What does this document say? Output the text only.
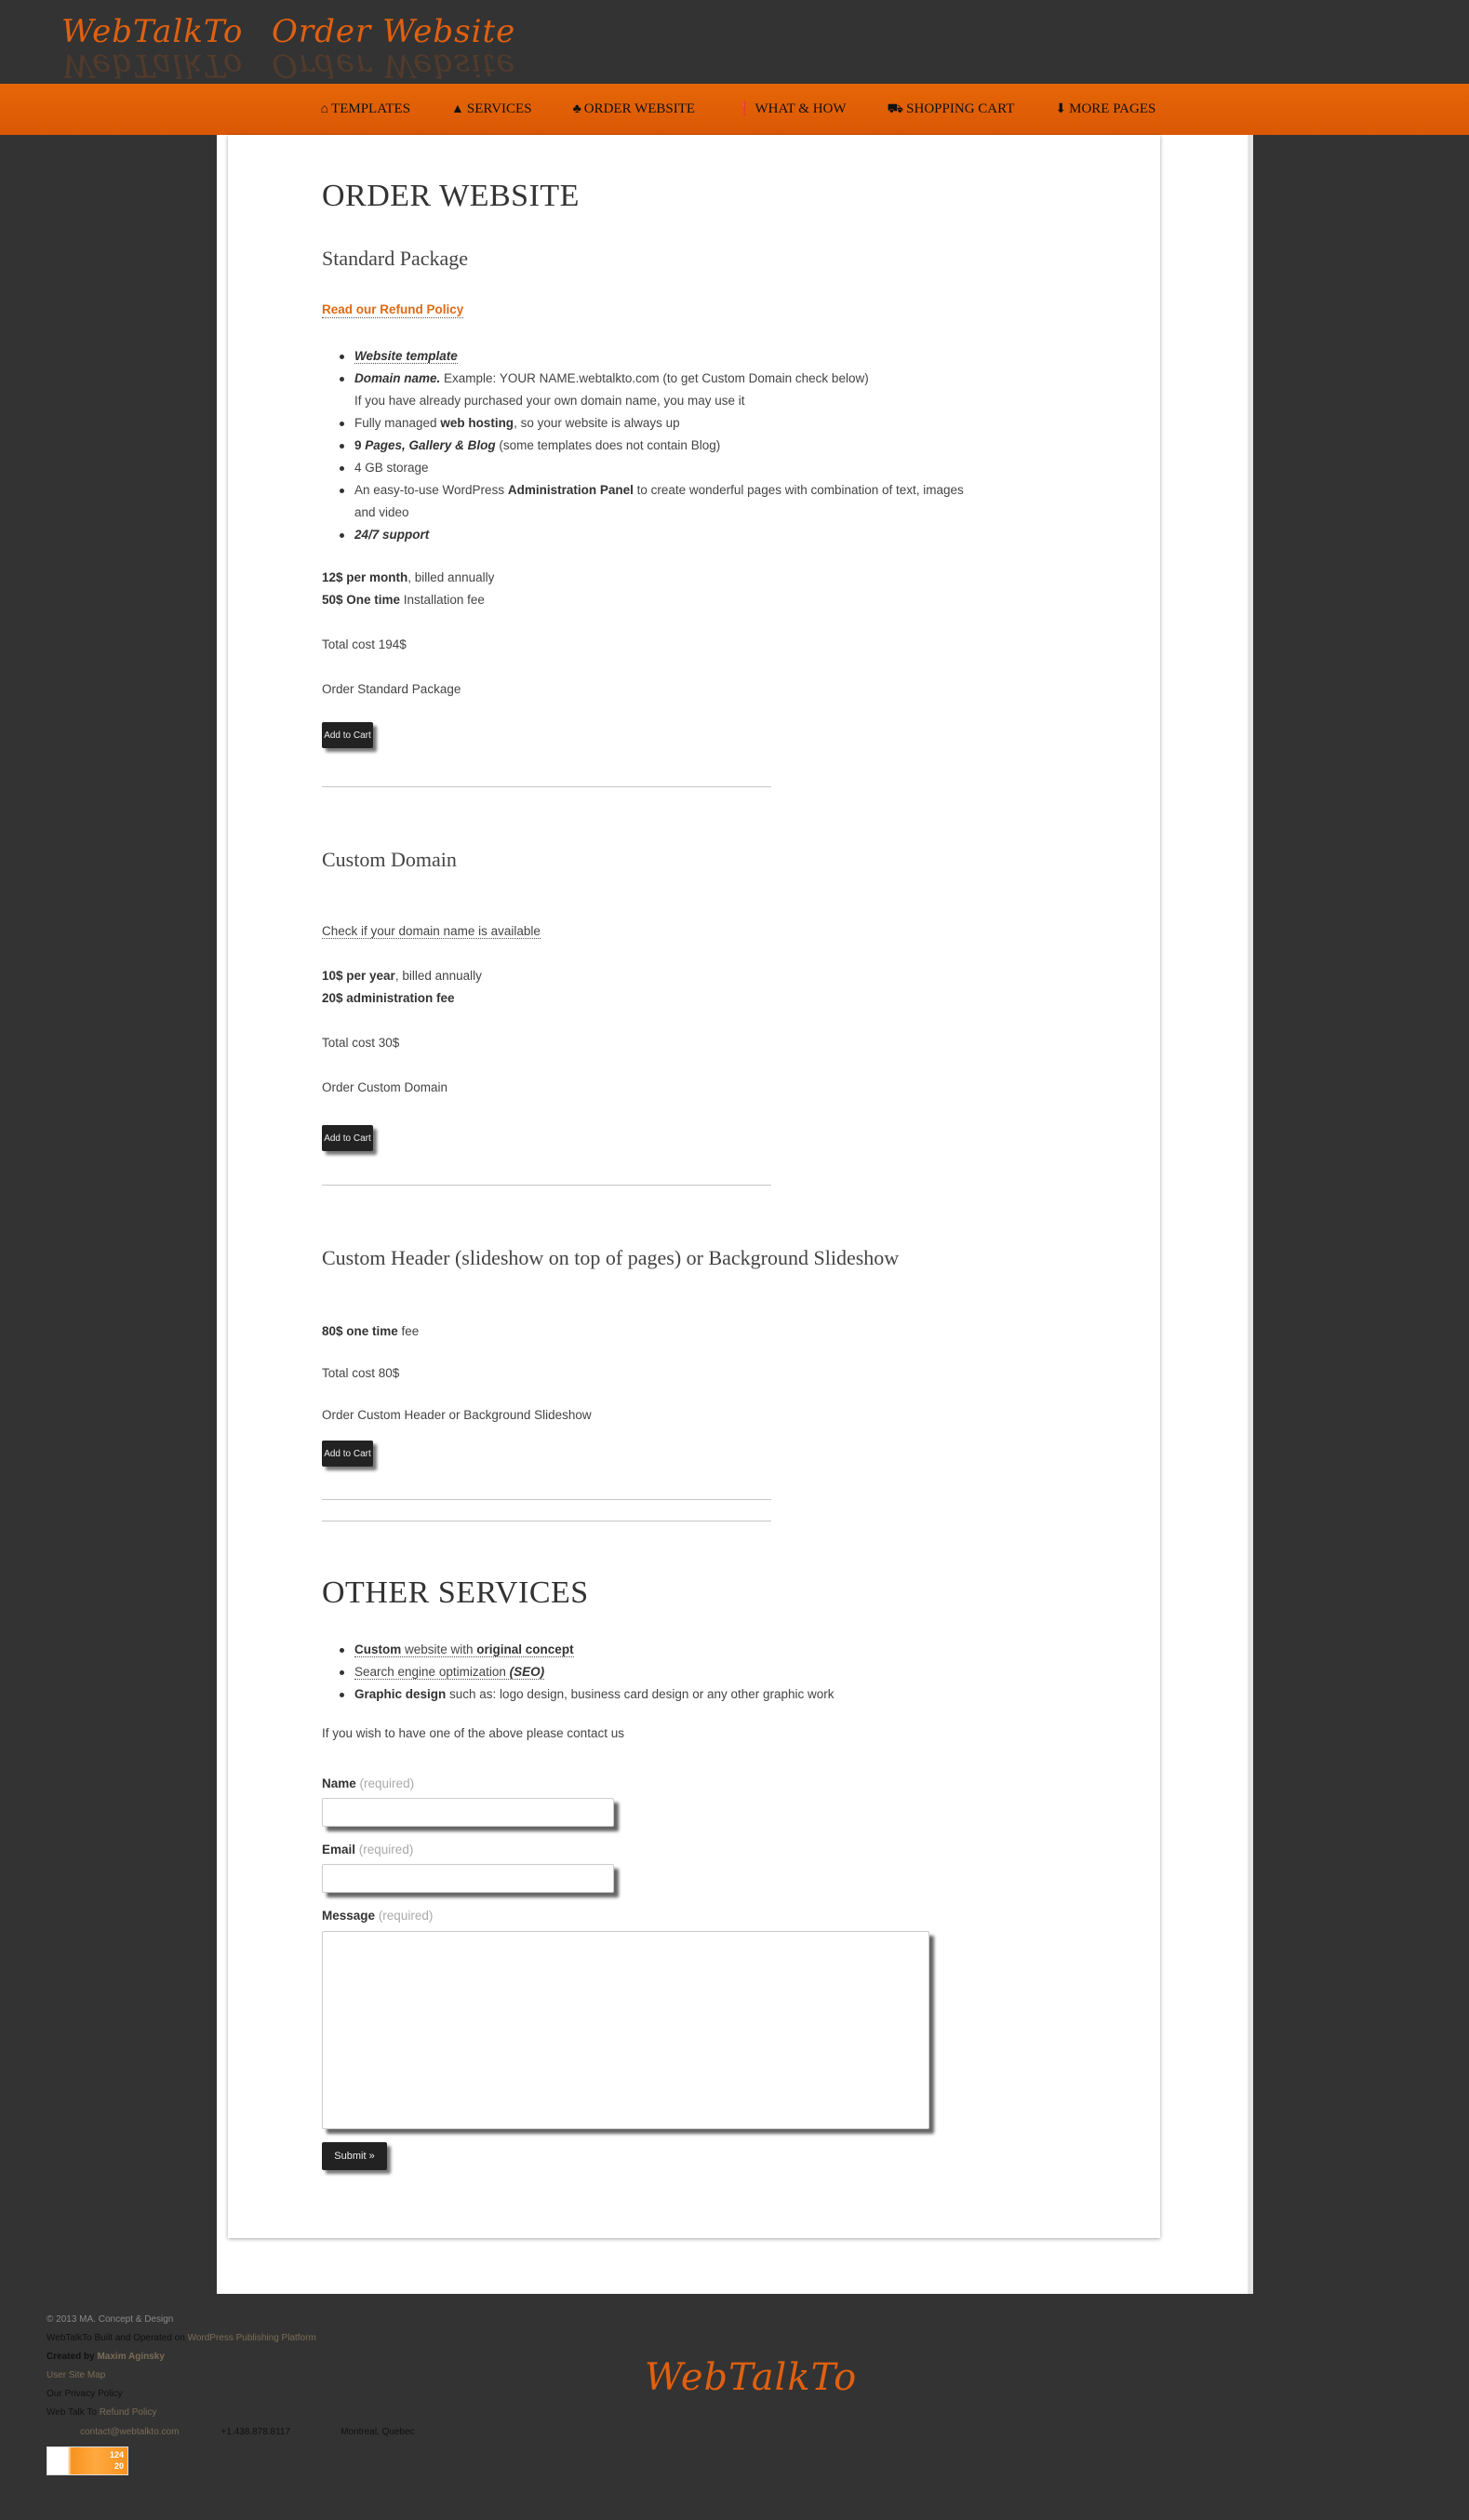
WebTalkTo Order Website
WebTalkTo Order Website
⌂ TEMPLATES	▲ SERVICES	♣ ORDER WEBSITE	❗ WHAT & HOW	⛟ SHOPPING CART	⬇ MORE PAGES
ORDER WEBSITE
Standard Package
Read our Refund Policy
Website template
Domain name. Example: YOUR NAME.webtalkto.com (to get Custom Domain check below)
If you have already purchased your own domain name, you may use it
Fully managed web hosting, so your website is always up
9 Pages, Gallery & Blog (some templates does not contain Blog)
4 GB storage
An easy-to-use WordPress Administration Panel to create wonderful pages with combination of text, images
and video
24/7 support
12$ per month, billed annually
50$ One time Installation fee
Total cost 194$
Order Standard Package
Add to Cart
Custom Domain
Check if your domain name is available
10$ per year, billed annually
20$ administration fee
Total cost 30$
Order Custom Domain
Add to Cart
Custom Header (slideshow on top of pages) or Background Slideshow
80$ one time fee
Total cost 80$
Order Custom Header or Background Slideshow
Add to Cart
OTHER SERVICES
Custom website with original concept
Search engine optimization (SEO)
Graphic design such as: logo design, business card design or any other graphic work
If you wish to have one of the above please contact us
Name (required)
Email (required)
Message (required)
Submit »
© 2013 MA. Concept & Design
WebTalkTo Built and Operated on WordPress Publishing Platform
Created by Maxim Aginsky
User Site Map
Our Privacy Policy
Web Talk To Refund Policy
E-mail: contact@webtalkto.com , Phone: +1.438.878.8117 , Address: Montreal, Quebec
124
20
WebTalkTo
